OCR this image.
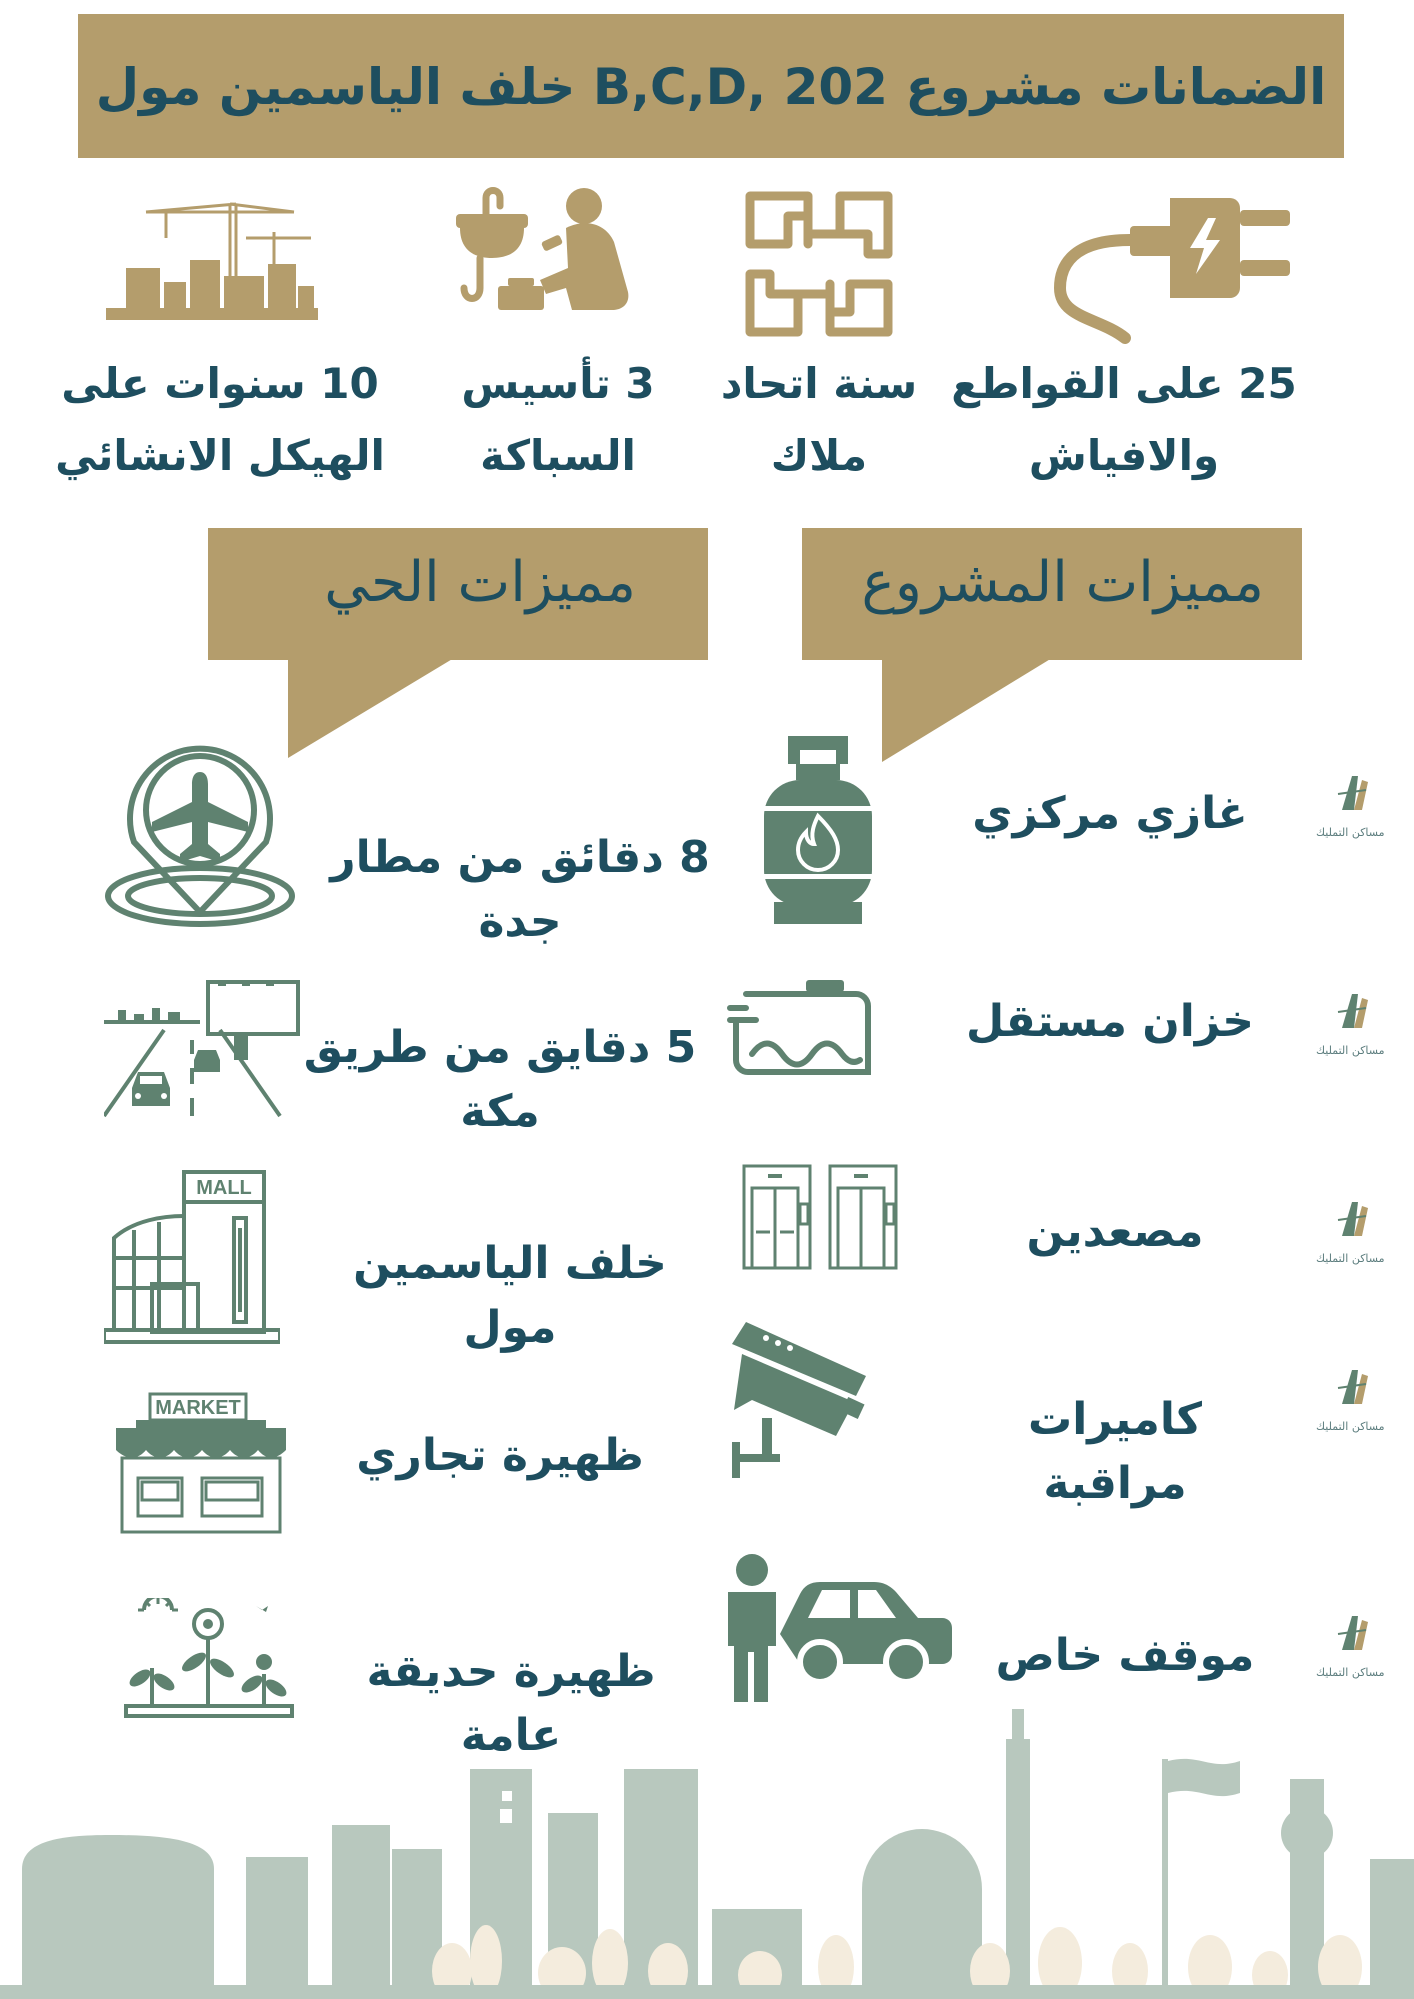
الضمانات مشروع B,C,D, 202 خلف الياسمين مول
25 على القواطع
والافياش
سنة اتحاد
ملاك
3 تأسيس
السباكة
10 سنوات على
الهيكل الانشائي
مميزات المشروع
مميزات الحي
مساكن التمليك
مساكن التمليك
مساكن التمليك
مساكن التمليك
مساكن التمليك
غازي مركزي
خزان مستقل
مصعدين
كاميرات مراقبة
موقف خاص
8 دقائق من مطار جدة
5 دقايق من طريق
مكة
خلف الياسمين مول
ظهيرة تجاري
ظهيرة حديقة عامة
MALL
MARKET
